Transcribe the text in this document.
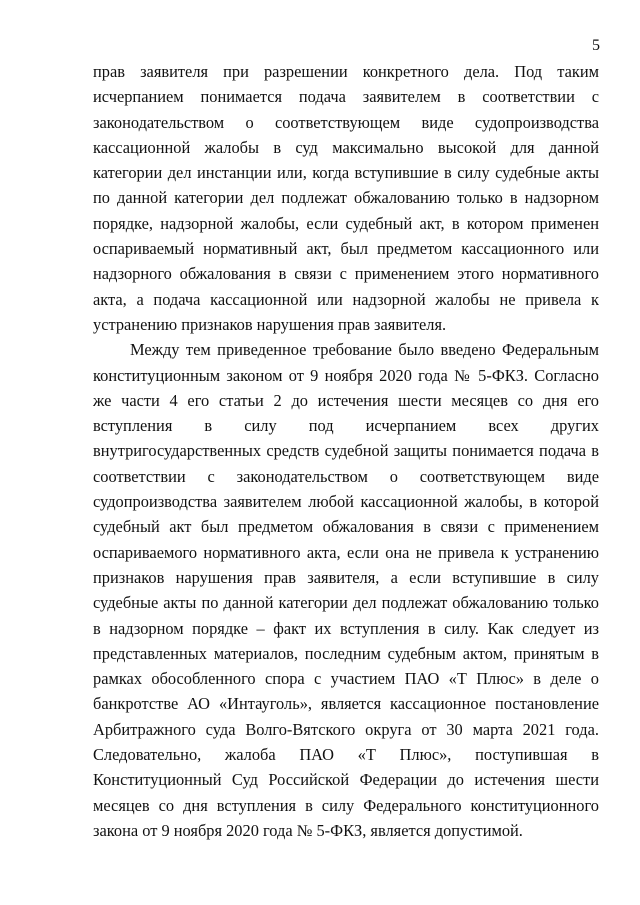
5

прав заявителя при разрешении конкретного дела. Под таким исчерпанием понимается подача заявителем в соответствии с законодательством о соответствующем виде судопроизводства кассационной жалобы в суд максимально высокой для данной категории дел инстанции или, когда вступившие в силу судебные акты по данной категории дел подлежат обжалованию только в надзорном порядке, надзорной жалобы, если судебный акт, в котором применен оспариваемый нормативный акт, был предметом кассационного или надзорного обжалования в связи с применением этого нормативного акта, а подача кассационной или надзорной жалобы не привела к устранению признаков нарушения прав заявителя.

Между тем приведенное требование было введено Федеральным конституционным законом от 9 ноября 2020 года № 5-ФКЗ. Согласно же части 4 его статьи 2 до истечения шести месяцев со дня его вступления в силу под исчерпанием всех других внутригосударственных средств судебной защиты понимается подача в соответствии с законодательством о соответствующем виде судопроизводства заявителем любой кассационной жалобы, в которой судебный акт был предметом обжалования в связи с применением оспариваемого нормативного акта, если она не привела к устранению признаков нарушения прав заявителя, а если вступившие в силу судебные акты по данной категории дел подлежат обжалованию только в надзорном порядке – факт их вступления в силу. Как следует из представленных материалов, последним судебным актом, принятым в рамках обособленного спора с участием ПАО «Т Плюс» в деле о банкротстве АО «Интауголь», является кассационное постановление Арбитражного суда Волго-Вятского округа от 30 марта 2021 года. Следовательно, жалоба ПАО «Т Плюс», поступившая в Конституционный Суд Российской Федерации до истечения шести месяцев со дня вступления в силу Федерального конституционного закона от 9 ноября 2020 года № 5-ФКЗ, является допустимой.
